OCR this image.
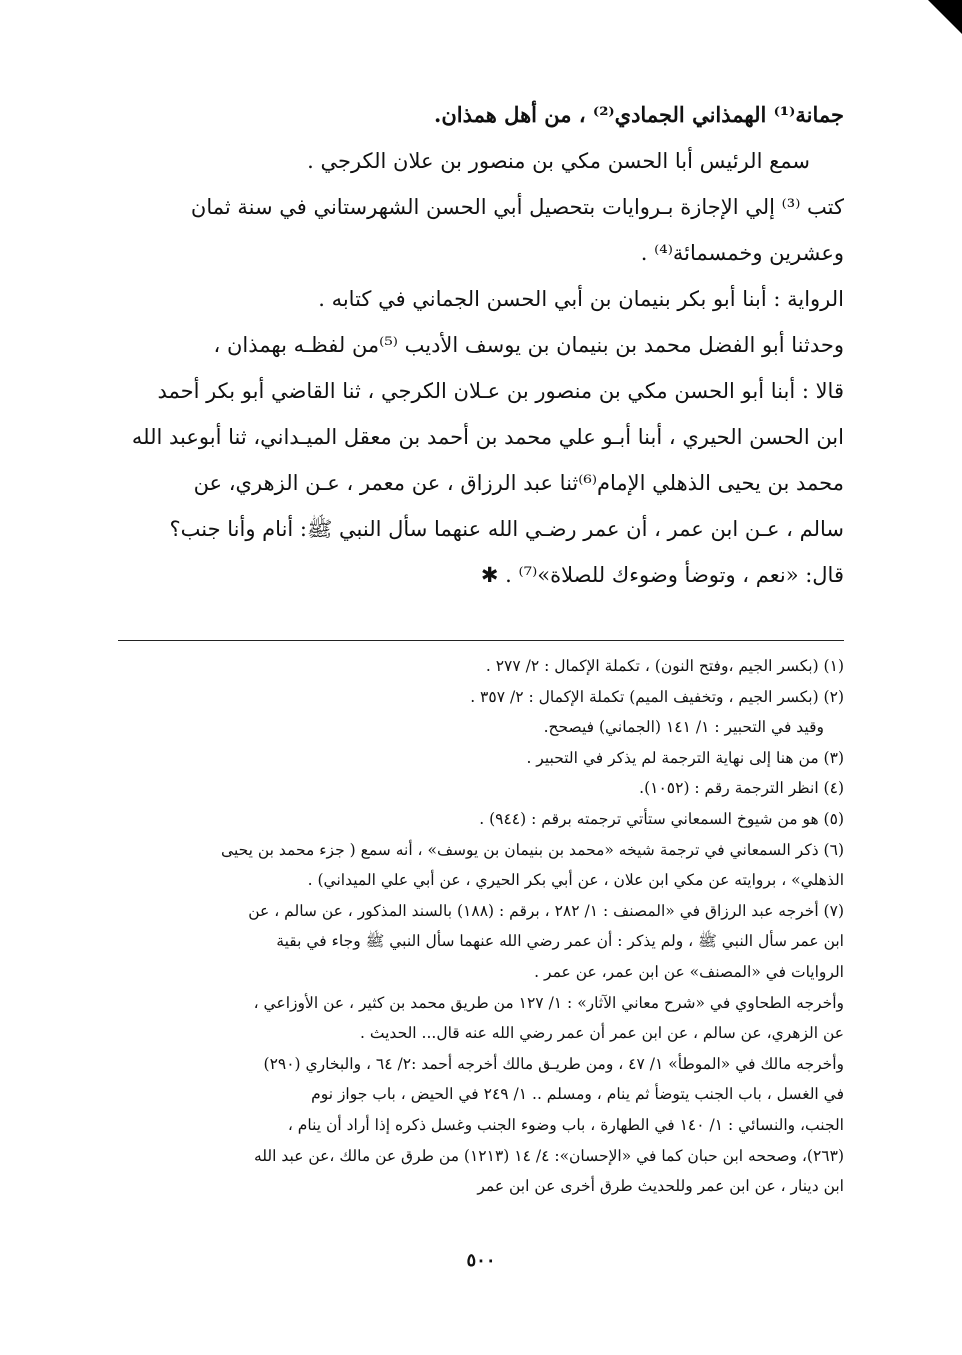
جمانة⁽¹⁾ الهمذاني الجمادي⁽²⁾ ، من أهل همذان.

سمع الرئيس أبا الحسن مكي بن منصور بن علان الكرجي .

كتب ⁽³⁾ إلي الإجازة بـروايات بتحصيل أبي الحسن الشهرستاني في سنة ثمان

وعشرين وخمسمائة⁽⁴⁾ .

الرواية : أبنا أبو بكر بنيمان بن أبي الحسن الجماني في كتابه .

وحدثنا أبو الفضل محمد بن بنيمان بن يوسف الأديب ⁽⁵⁾من لفظـه بهمذان ،

قالا : أبنا أبو الحسن مكي بن منصور بن عـلان الكرجي ، ثنا القاضي أبو بكر أحمد

ابن الحسن الحيري ، أبنا أبـو علي محمد بن أحمد بن معقل الميـداني، ثنا أبوعبد الله

محمد بن يحيى الذهلي الإمام⁽⁶⁾ثنا عبد الرزاق ، عن معمر ، عـن الزهري، عن

سالم ، عـن ابن عمر ، أن عمر رضـي الله عنهما سأل النبي ﷺ: أنام وأنا جنب؟

قال: «نعم ، وتوضأ وضوءك للصلاة»⁽⁷⁾ . ✱

(١) (بكسر الجيم ،وفتح النون) ، تكملة الإكمال : ٢/ ٢٧٧ .

(٢) (بكسر الجيم ، وتخفيف الميم) تكملة الإكمال : ٢/ ٣٥٧ .

وقيد في التحبير : ١/ ١٤١ (الجماني) فيصحح.

(٣) من هنا إلى نهاية الترجمة لم يذكر في التحبير .

(٤) انظر الترجمة رقم : (١٠٥٢).

(٥) هو من شيوخ السمعاني ستأتي ترجمته برقم : (٩٤٤) .

(٦) ذكر السمعاني في ترجمة شيخه «محمد بن بنيمان بن يوسف» ، أنه سمع ( جزء محمد بن يحيى

الذهلي» ، بروايته عن مكي ابن علان ، عن أبي بكر الحيري ، عن أبي علي الميداني) .

(٧) أخرجه عبد الرزاق في «المصنف : ١/ ٢٨٢ ، برقم : (١٨٨) بالسند المذكور ، عن سالم ، عن

ابن عمر سأل النبي ﷺ ، ولم يذكر : أن عمر رضي الله عنهما سأل النبي ﷺ وجاء في بقية

الروايات في «المصنف» عن ابن عمر، عن عمر .

وأخرجه الطحاوي في «شرح معاني الآثار» : ١/ ١٢٧ من طريق محمد بن كثير ، عن الأوزاعي ،

عن الزهري، عن سالم ، عن ابن عمر أن عمر رضي الله عنه قال... الحديث .

وأخرجه مالك في «الموطأ» ١/ ٤٧ ، ومن طريـق مالك أخرجه أحمد :٢/ ٦٤ ، والبخاري (٢٩٠)

في الغسل ، باب الجنب يتوضأ ثم ينام ، ومسلم .. ١/ ٢٤٩ في الحيض ، باب جواز نوم

الجنب، والنسائي : ١/ ١٤٠ في الطهارة ، باب وضوء الجنب وغسل ذكره إذا أراد أن ينام ،

(٢٦٣)، وصححه ابن حبان كما في «الإحسان»: ٤/ ١٤ (١٢١٣) من طرق عن مالك ،عن عبد الله

ابن دينار ، عن ابن عمر وللحديث طرق أخرى عن ابن عمر

٥٠٠
